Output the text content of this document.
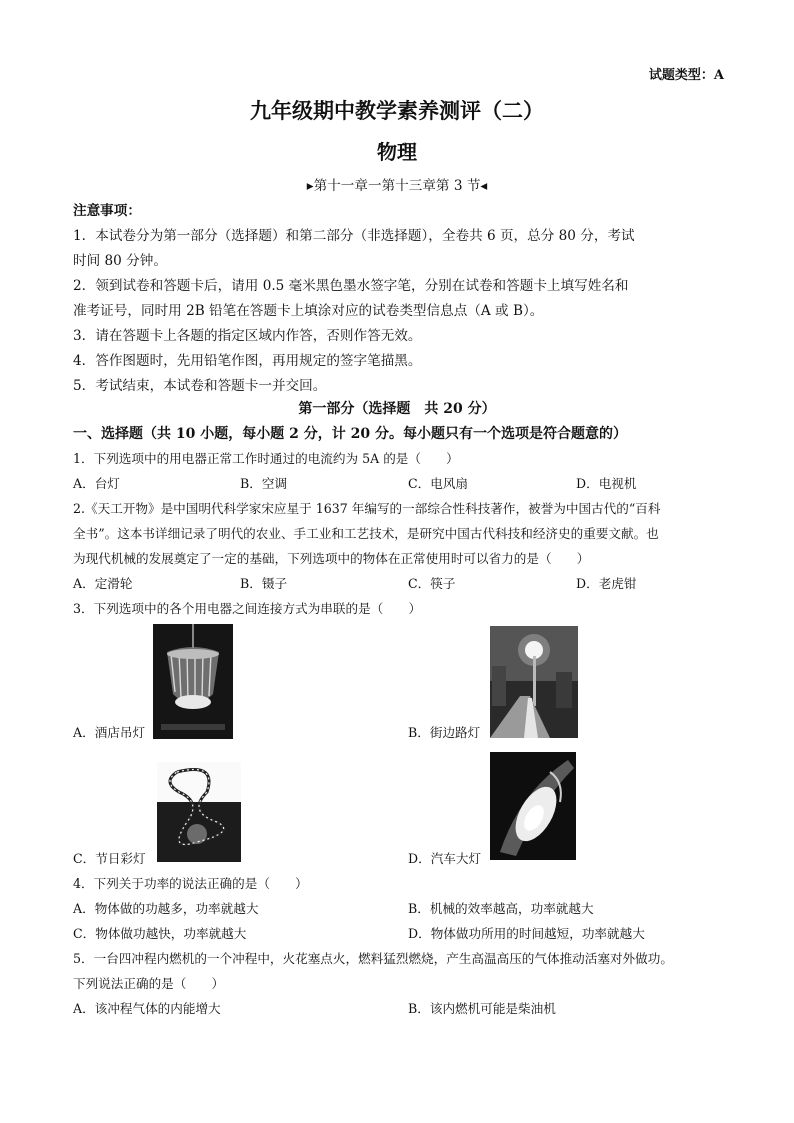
试题类型：A
九年级期中教学素养测评（二）
物理
▸第十一章一第十三章第 3 节◂
注意事项：
1．本试卷分为第一部分（选择题）和第二部分（非选择题），全卷共 6 页，总分 80 分，考试
时间 80 分钟。
2．领到试卷和答题卡后，请用 0.5 毫米黑色墨水签字笔，分别在试卷和答题卡上填写姓名和
准考证号，同时用 2B 铅笔在答题卡上填涂对应的试卷类型信息点（A 或 B）。
3．请在答题卡上各题的指定区域内作答，否则作答无效。
4．答作图题时，先用铅笔作图，再用规定的签字笔描黑。
5．考试结束，本试卷和答题卡一并交回。
第一部分（选择题　共 20 分）
一、选择题（共 10 小题，每小题 2 分，计 20 分。每小题只有一个选项是符合题意的）
1．下列选项中的用电器正常工作时通过的电流约为 5A 的是（　　）
A．台灯	B．空调	C．电风扇	D．电视机
2.《天工开物》是中国明代科学家宋应星于 1637 年编写的一部综合性科技著作，被誉为中国古代的“百科
全书”。这本书详细记录了明代的农业、手工业和工艺技术，是研究中国古代科技和经济史的重要文献。也
为现代机械的发展奠定了一定的基础，下列选项中的物体在正常使用时可以省力的是（　　）
A．定滑轮	B．镊子	C．筷子	D．老虎钳
3．下列选项中的各个用电器之间连接方式为串联的是（　　）
A．酒店吊灯	B．街边路灯
C．节日彩灯	D．汽车大灯
4．下列关于功率的说法正确的是（　　）
A．物体做的功越多，功率就越大	B．机械的效率越高，功率就越大
C．物体做功越快，功率就越大	D．物体做功所用的时间越短，功率就越大
5．一台四冲程内燃机的一个冲程中，火花塞点火，燃料猛烈燃烧，产生高温高压的气体推动活塞对外做功。
下列说法正确的是（　　）
A．该冲程气体的内能增大	B．该内燃机可能是柴油机
